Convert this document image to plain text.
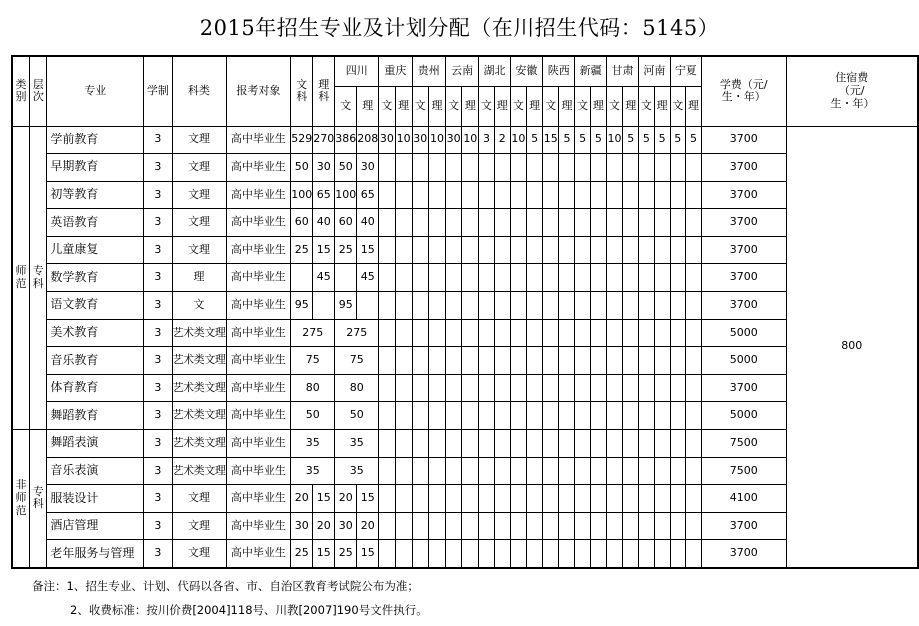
2015年招生专业及计划分配（在川招生代码：5145）
类别	层次	专业	学制	科类	报考对象	文科	理科	四川		重庆		贵州		云南		湖北		安徽		陕西		新疆		甘肃		河南		宁夏		学费（元/生・年）	住宿费（元/生・年）
								文	理	文	理	文	理	文	理	文	理	文	理	文	理	文	理	文	理	文	理	文	理		
师范	专科	学前教育	3	文理	高中毕业生	529	270	386	208	30	10	30	10	30	10	3	2	10	5	15	5	5	5	10	5	5	5	5	5	3700	800
		早期教育	3	文理	高中毕业生	50	30	50	30																					3700	
		初等教育	3	文理	高中毕业生	100	65	100	65																					3700	
		英语教育	3	文理	高中毕业生	60	40	60	40																					3700	
		儿童康复	3	文理	高中毕业生	25	15	25	15																					3700	
		数学教育	3	理	高中毕业生		45		45																					3700	
		语文教育	3	文	高中毕业生	95		95																						3700	
		美术教育	3	艺术类文理	高中毕业生	275		275																						5000	
		音乐教育	3	艺术类文理	高中毕业生	75		75																						5000	
		体育教育	3	艺术类文理	高中毕业生	80		80																						3700	
		舞蹈教育	3	艺术类文理	高中毕业生	50		50																						5000	
非师范	专科	舞蹈表演	3	艺术类文理	高中毕业生	35		35																						7500	
		音乐表演	3	艺术类文理	高中毕业生	35		35																						7500	
		服装设计	3	文理	高中毕业生	20	15	20	15																					4100	
		酒店管理	3	文理	高中毕业生	30	20	30	20																					3700	
		老年服务与管理	3	文理	高中毕业生	25	15	25	15																					3700	
备注：1、招生专业、计划、代码以各省、市、自治区教育考试院公布为准；
2、收费标准：按川价费[2004]118号、川教[2007]190号文件执行。
